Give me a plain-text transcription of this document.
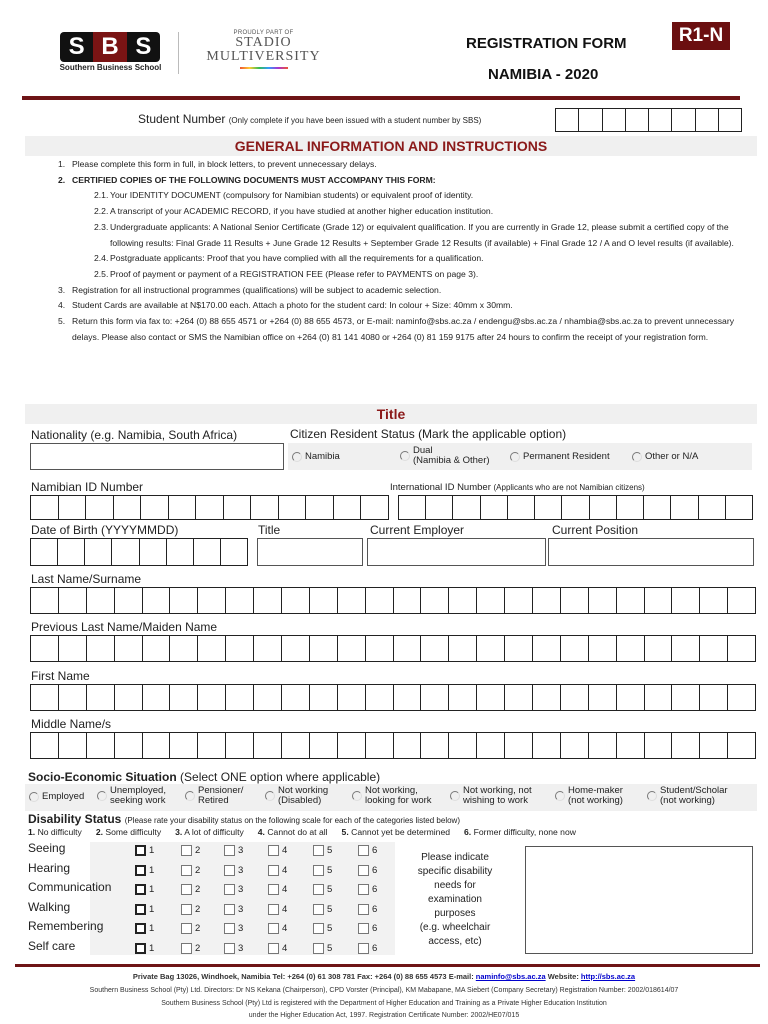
S B S
Southern Business School
PROUDLY PART OF
STADIO
MULTIVERSITY
REGISTRATION FORM
NAMIBIA - 2020
R1-N
Student Number (Only complete if you have been issued with a student number by SBS)
GENERAL INFORMATION AND INSTRUCTIONS
1. Please complete this form in full, in block letters, to prevent unnecessary delays.
2. CERTIFIED COPIES OF THE FOLLOWING DOCUMENTS MUST ACCOMPANY THIS FORM:
2.1. Your IDENTITY DOCUMENT (compulsory for Namibian students) or equivalent proof of identity.
2.2. A transcript of your ACADEMIC RECORD, if you have studied at another higher education institution.
2.3. Undergraduate applicants: A National Senior Certificate (Grade 12) or equivalent qualification. If you are currently in Grade 12, please submit a certified copy of the following results: Final Grade 11 Results + June Grade 12 Results + September Grade 12 Results (if available) + Final Grade 12 / A and O level results (if available).
2.4. Postgraduate applicants: Proof that you have complied with all the requirements for a qualification.
2.5. Proof of payment or payment of a REGISTRATION FEE (Please refer to PAYMENTS on page 3).
3. Registration for all instructional programmes (qualifications) will be subject to academic selection.
4. Student Cards are available at N$170.00 each. Attach a photo for the student card: In colour + Size: 40mm x 30mm.
5. Return this form via fax to: +264 (0) 88 655 4571 or +264 (0) 88 655 4573, or E-mail: naminfo@sbs.ac.za / endengu@sbs.ac.za / nhambia@sbs.ac.za to prevent unnecessary delays. Please also contact or SMS the Namibian office on +264 (0) 81 141 4080 or +264 (0) 81 159 9175 after 24 hours to confirm the receipt of your registration form.
Title
Nationality (e.g. Namibia, South Africa)	Citizen Resident Status (Mark the applicable option)
Namibia
Dual
(Namibia & Other)	Permanent Resident	Other or N/A
Namibian ID Number	International ID Number (Applicants who are not Namibian citizens)
Date of Birth (YYYYMMDD)	Title	Current Employer	Current Position
Last Name/Surname
Previous Last Name/Maiden Name
First Name
Middle Name/s
Socio-Economic Situation (Select ONE option where applicable)
Employed
Unemployed,
seeking work
Pensioner/
Retired
Not working
(Disabled)
Not working,
looking for work
Not working, not
wishing to work
Home-maker
(not working)
Student/Scholar
(not working)
Disability Status (Please rate your disability status on the following scale for each of the categories listed below)
1. No difficulty 2. Some difficulty 3. A lot of difficulty 4. Cannot do at all 5. Cannot yet be determined 6. Former difficulty, none now
Seeing	1	2	3	4	5	6
Hearing	1	2	3	4	5	6
Communication	1	2	3	4	5	6
Walking	1	2	3	4	5	6
Remembering	1	2	3	4	5	6
Self care	1	2	3	4	5	6
Please indicate
specific disability
needs for
examination
purposes
(e.g. wheelchair
access, etc)
Private Bag 13026, Windhoek, Namibia Tel: +264 (0) 61 308 781 Fax: +264 (0) 88 655 4573 E-mail: naminfo@sbs.ac.za Website: http://sbs.ac.za
Southern Business School (Pty) Ltd. Directors: Dr NS Kekana (Chairperson), CPD Vorster (Principal), KM Mabapane, MA Siebert (Company Secretary) Registration Number: 2002/018614/07
Southern Business School (Pty) Ltd is registered with the Department of Higher Education and Training as a Private Higher Education Institution
under the Higher Education Act, 1997. Registration Certificate Number: 2002/HE07/015
